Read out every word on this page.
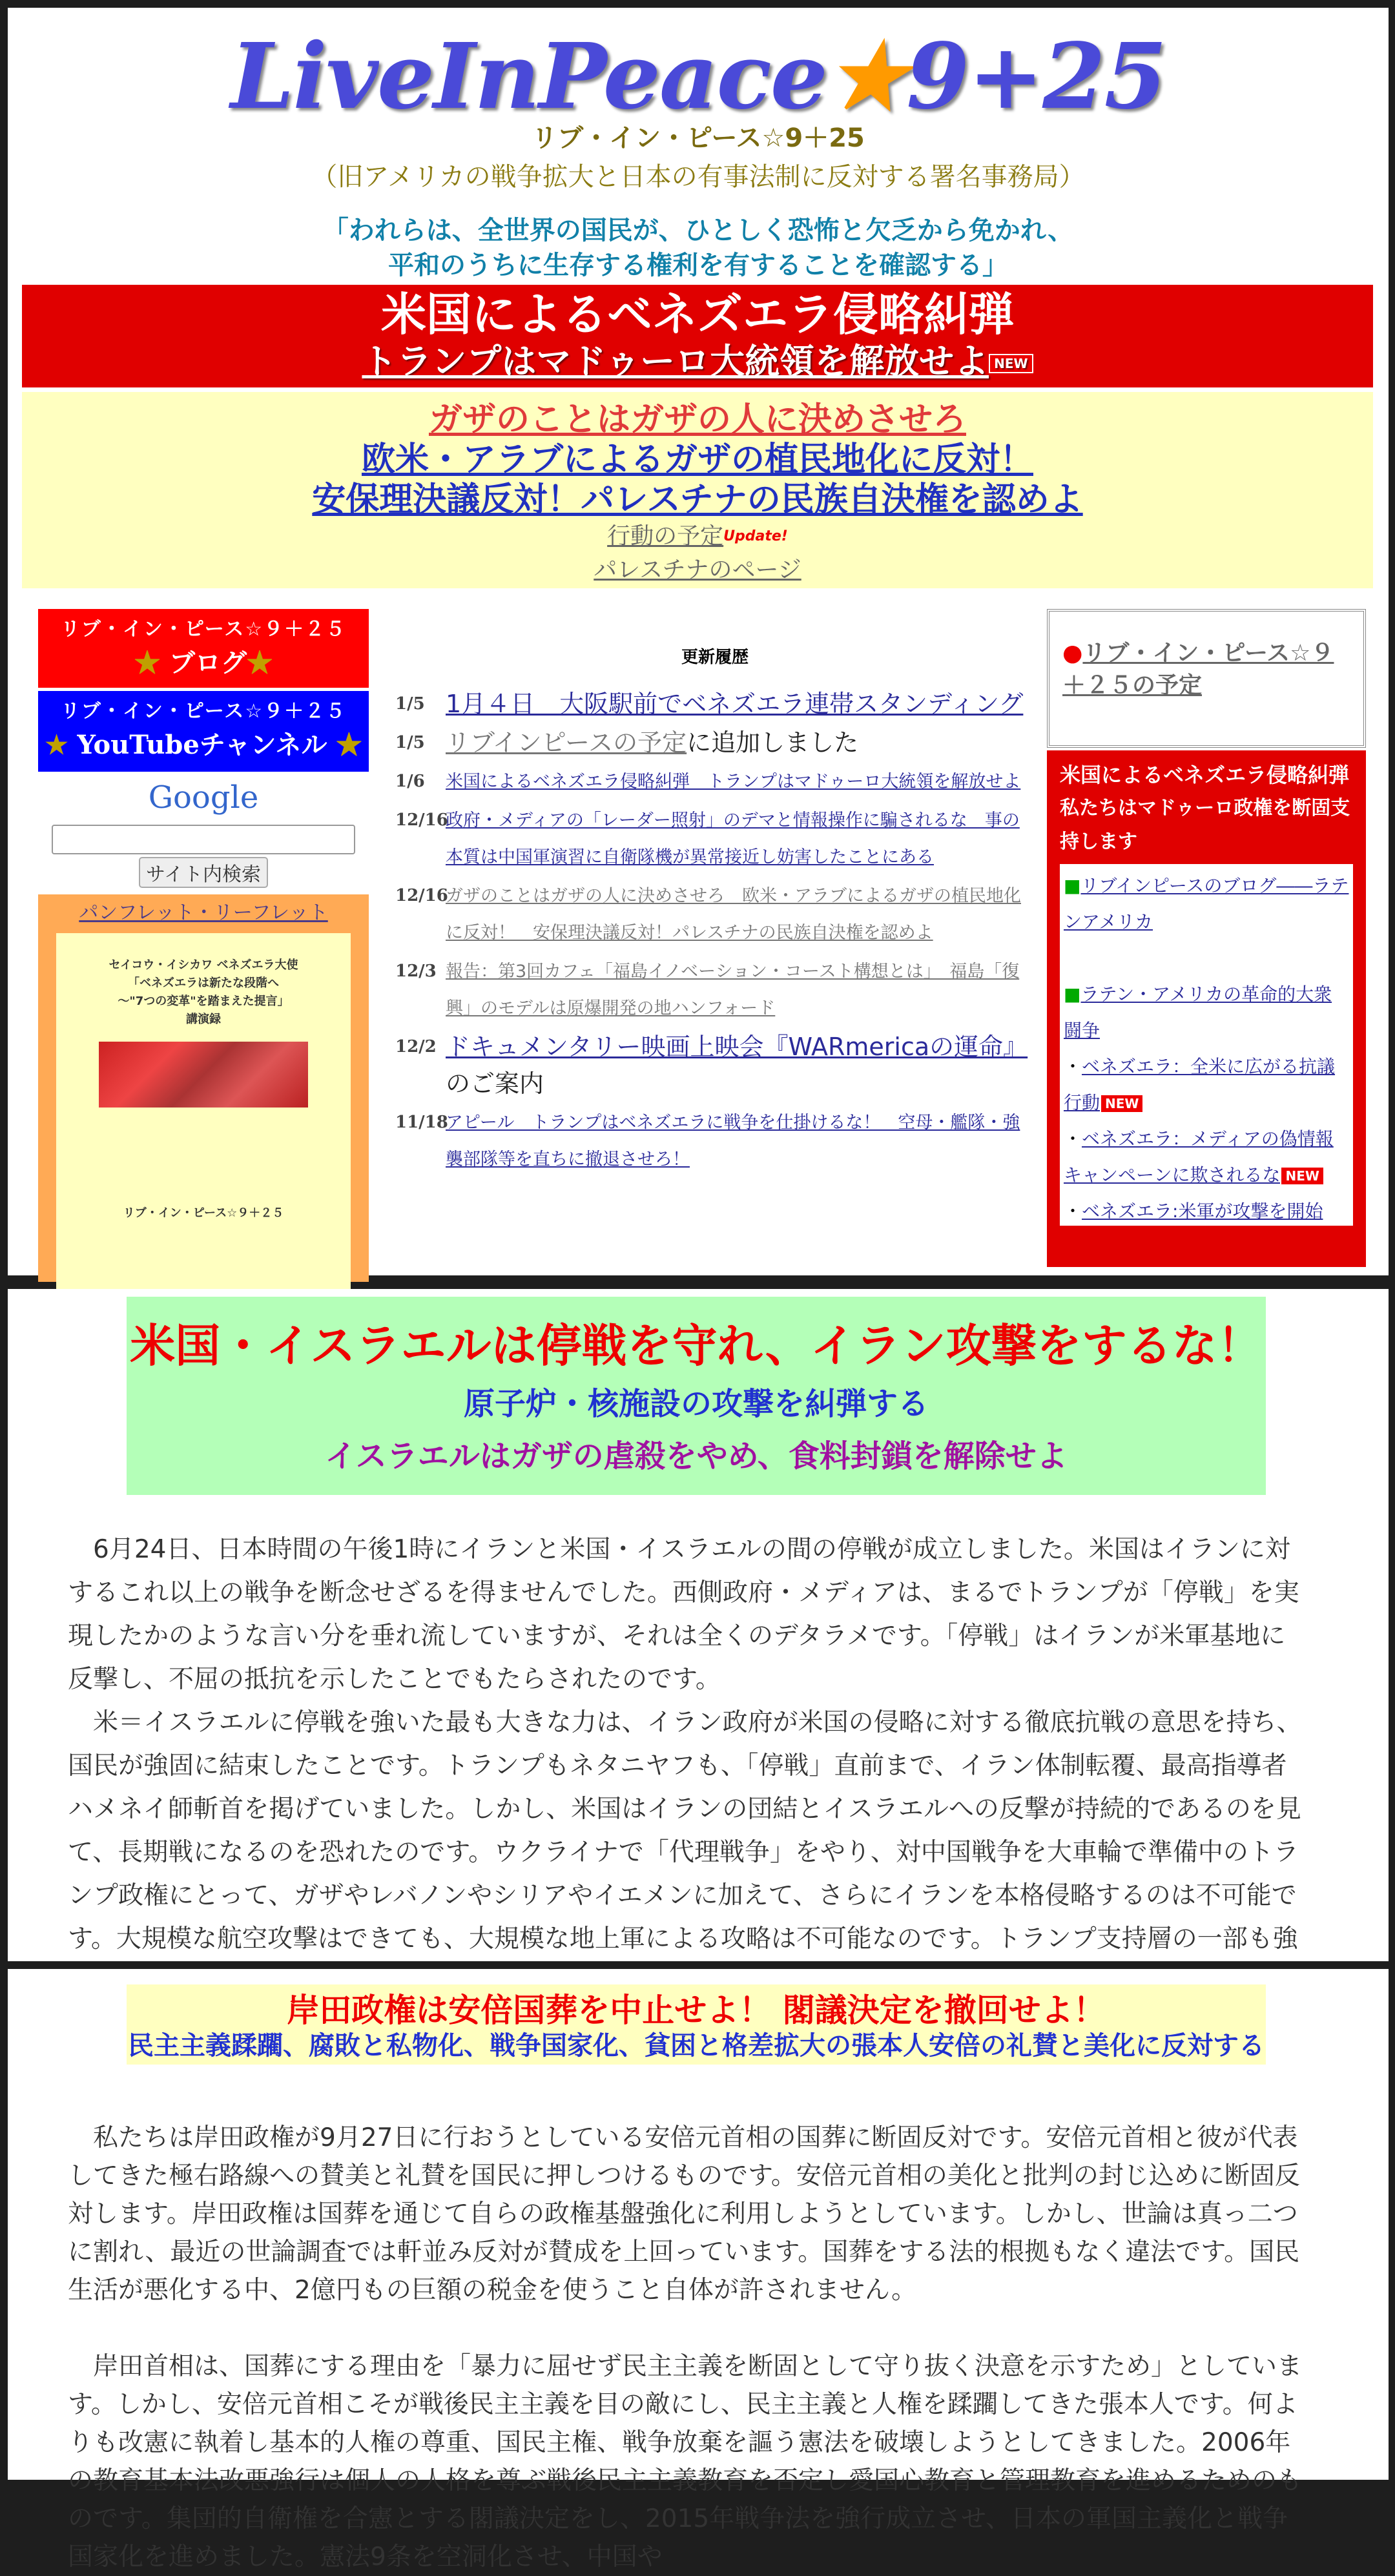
LiveInPeace★9+25
リブ・イン・ピース☆9＋25
（旧アメリカの戦争拡大と日本の有事法制に反対する署名事務局）
「われらは、全世界の国民が、ひとしく恐怖と欠乏から免かれ、
平和のうちに生存する権利を有することを確認する」
米国によるベネズエラ侵略糾弾
トランプはマドゥーロ大統領を解放せよ NEW
ガザのことはガザの人に決めさせろ
欧米・アラブによるガザの植民地化に反対！
安保理決議反対！パレスチナの民族自決権を認めよ
行動の予定Update!
パレスチナのページ
リブ・イン・ピース☆９＋２５
★ ブログ★
リブ・イン・ピース☆９＋２５
★ YouTubeチャンネル ★
Google
サイト内検索
パンフレット・リーフレット
セイコウ・イシカワ ベネズエラ大使
「ベネズエラは新たな段階へ
～"7つの変革"を踏まえた提言」
講演録
リブ・イン・ピース☆９＋２５
更新履歴
1/5 1月４日　大阪駅前でベネズエラ連帯スタンディング
1/5 リブインピースの予定に追加しました
1/6	米国によるベネズエラ侵略糾弾　トランプはマドゥーロ大統領を解放せよ
12/16
政府・メディアの「レーダー照射」のデマと情報操作に騙されるな　事の本質は中国軍演習に自衛隊機が異常接近し妨害したことにある
12/16
ガザのことはガザの人に決めさせろ　欧米・アラブによるガザの植民地化に反対！　安保理決議反対！パレスチナの民族自決権を認めよ
12/3 報告：第3回カフェ「福島イノベーション・コースト構想とは」　福島「復興」のモデルは原爆開発の地ハンフォード
12/2 ドキュメンタリー映画上映会『WARmericaの運命』のご案内
11/18
アピール　トランプはベネズエラに戦争を仕掛けるな！　空母・艦隊・強襲部隊等を直ちに撤退させろ！
●リブ・イン・ピース☆９＋２５の予定
米国によるベネズエラ侵略糾弾
私たちはマドゥーロ政権を断固支持します
■リブインピースのブログ――ラテンアメリカ
■ラテン・アメリカの革命的大衆闘争
・ベネズエラ：全米に広がる抗議行動 NEW
・ベネズエラ：メディアの偽情報キャンペーンに欺されるな NEW
・ベネズエラ:米軍が攻撃を開始
米国・イスラエルは停戦を守れ、イラン攻撃をするな！
原子炉・核施設の攻撃を糾弾する
イスラエルはガザの虐殺をやめ、食料封鎖を解除せよ

6月24日、日本時間の午後1時にイランと米国・イスラエルの間の停戦が成立しました。米国はイランに対するこれ以上の戦争を断念せざるを得ませんでした。西側政府・メディアは、まるでトランプが「停戦」を実現したかのような言い分を垂れ流していますが、それは全くのデタラメです。「停戦」はイランが米軍基地に反撃し、不屈の抵抗を示したことでもたらされたのです。

米＝イスラエルに停戦を強いた最も大きな力は、イラン政府が米国の侵略に対する徹底抗戦の意思を持ち、国民が強固に結束したことです。トランプもネタニヤフも、「停戦」直前まで、イラン体制転覆、最高指導者ハメネイ師斬首を掲げていました。しかし、米国はイランの団結とイスラエルへの反撃が持続的であるのを見て、長期戦になるのを恐れたのです。ウクライナで「代理戦争」をやり、対中国戦争を大車輪で準備中のトランプ政権にとって、ガザやレバノンやシリアやイエメンに加えて、さらにイランを本格侵略するのは不可能です。大規模な航空攻撃はできても、大規模な地上軍による攻略は不可能なのです。トランプ支持層の一部も強

岸田政権は安倍国葬を中止せよ！ 閣議決定を撤回せよ！
民主主義蹂躙、腐敗と私物化、戦争国家化、貧困と格差拡大の張本人安倍の礼賛と美化に反対する

私たちは岸田政権が9月27日に行おうとしている安倍元首相の国葬に断固反対です。安倍元首相と彼が代表してきた極右路線への賛美と礼賛を国民に押しつけるものです。安倍元首相の美化と批判の封じ込めに断固反対します。岸田政権は国葬を通じて自らの政権基盤強化に利用しようとしています。しかし、世論は真っ二つに割れ、最近の世論調査では軒並み反対が賛成を上回っています。国葬をする法的根拠もなく違法です。国民生活が悪化する中、2億円もの巨額の税金を使うこと自体が許されません。

岸田首相は、国葬にする理由を「暴力に屈せず民主主義を断固として守り抜く決意を示すため」としています。しかし、安倍元首相こそが戦後民主主義を目の敵にし、民主主義と人権を蹂躙してきた張本人です。何よりも改憲に執着し基本的人権の尊重、国民主権、戦争放棄を謳う憲法を破壊しようとしてきました。2006年の教育基本法改悪強行は個人の人格を尊ぶ戦後民主主義教育を否定し愛国心教育と管理教育を進めるためのものです。集団的自衛権を合憲とする閣議決定をし、2015年戦争法を強行成立させ、日本の軍国主義化と戦争国家化を進めました。憲法9条を空洞化させ、中国や
